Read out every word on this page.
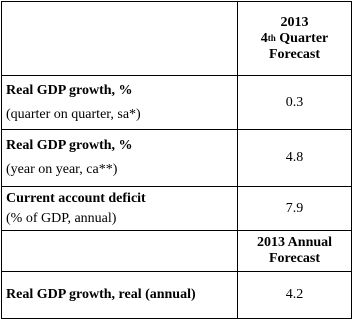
	2013
4th Quarter
Forecast

Real GDP growth, %
(quarter on quarter, sa*)	0.3

Real GDP growth, %
(year on year, ca**)	4.8

Current account deficit
(% of GDP, annual)	7.9

	2013 Annual
Forecast

Real GDP growth, real (annual)	4.2
